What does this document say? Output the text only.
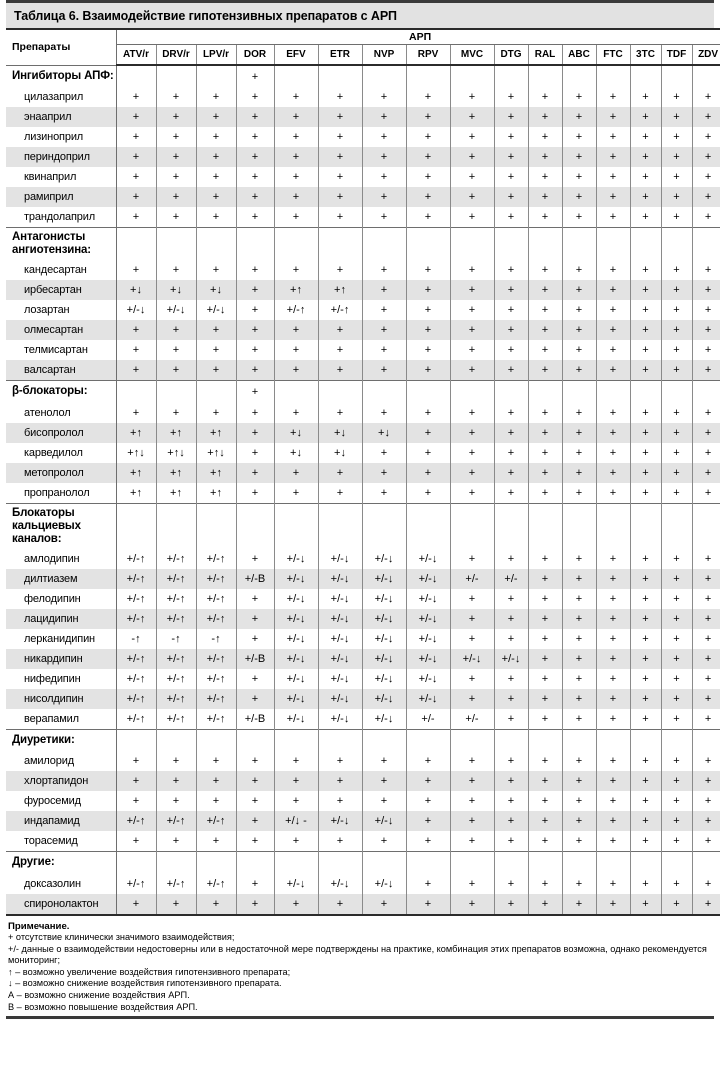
Таблица 6. Взаимодействие гипотензивных препаратов с АРП
Препараты	АРП															
	ATV/r	DRV/r	LPV/r	DOR	EFV	ETR	NVP	RPV	MVC	DTG	RAL	ABC	FTC	3TC	TDF	ZDV
Ингибиторы АПФ:				+												
цилазаприл	+	+	+	+	+	+	+	+	+	+	+	+	+	+	+	+
энааприл	+	+	+	+	+	+	+	+	+	+	+	+	+	+	+	+
лизиноприл	+	+	+	+	+	+	+	+	+	+	+	+	+	+	+	+
периндоприл	+	+	+	+	+	+	+	+	+	+	+	+	+	+	+	+
квинаприл	+	+	+	+	+	+	+	+	+	+	+	+	+	+	+	+
рамиприл	+	+	+	+	+	+	+	+	+	+	+	+	+	+	+	+
трандолаприл	+	+	+	+	+	+	+	+	+	+	+	+	+	+	+	+
Антагонисты ангиотензина:																
кандесартан	+	+	+	+	+	+	+	+	+	+	+	+	+	+	+	+
ирбесартан	+↓	+↓	+↓	+	+↑	+↑	+	+	+	+	+	+	+	+	+	+
лозартан	+/-↓	+/-↓	+/-↓	+	+/-↑	+/-↑	+	+	+	+	+	+	+	+	+	+
олмесартан	+	+	+	+	+	+	+	+	+	+	+	+	+	+	+	+
телмисартан	+	+	+	+	+	+	+	+	+	+	+	+	+	+	+	+
валсартан	+	+	+	+	+	+	+	+	+	+	+	+	+	+	+	+
β-блокаторы:				+												
атенолол	+	+	+	+	+	+	+	+	+	+	+	+	+	+	+	+
бисопролол	+↑	+↑	+↑	+	+↓	+↓	+↓	+	+	+	+	+	+	+	+	+
карведилол	+↑↓	+↑↓	+↑↓	+	+↓	+↓	+	+	+	+	+	+	+	+	+	+
метопролол	+↑	+↑	+↑	+	+	+	+	+	+	+	+	+	+	+	+	+
пропранолол	+↑	+↑	+↑	+	+	+	+	+	+	+	+	+	+	+	+	+
Блокаторы кальциевых каналов:																
амлодипин	+/-↑	+/-↑	+/-↑	+	+/-↓	+/-↓	+/-↓	+/-↓	+	+	+	+	+	+	+	+
дилтиазем	+/-↑	+/-↑	+/-↑	+/-В	+/-↓	+/-↓	+/-↓	+/-↓	+/-	+/-	+	+	+	+	+	+
фелодипин	+/-↑	+/-↑	+/-↑	+	+/-↓	+/-↓	+/-↓	+/-↓	+	+	+	+	+	+	+	+
лацидипин	+/-↑	+/-↑	+/-↑	+	+/-↓	+/-↓	+/-↓	+/-↓	+	+	+	+	+	+	+	+
лерканидипин	-↑	-↑	-↑	+	+/-↓	+/-↓	+/-↓	+/-↓	+	+	+	+	+	+	+	+
никардипин	+/-↑	+/-↑	+/-↑	+/-В	+/-↓	+/-↓	+/-↓	+/-↓	+/-↓	+/-↓	+	+	+	+	+	+
нифедипин	+/-↑	+/-↑	+/-↑	+	+/-↓	+/-↓	+/-↓	+/-↓	+	+	+	+	+	+	+	+
нисолдипин	+/-↑	+/-↑	+/-↑	+	+/-↓	+/-↓	+/-↓	+/-↓	+	+	+	+	+	+	+	+
верапамил	+/-↑	+/-↑	+/-↑	+/-В	+/-↓	+/-↓	+/-↓	+/-	+/-	+	+	+	+	+	+	+
Диуретики:																
амилорид	+	+	+	+	+	+	+	+	+	+	+	+	+	+	+	+
хлортапидон	+	+	+	+	+	+	+	+	+	+	+	+	+	+	+	+
фуросемид	+	+	+	+	+	+	+	+	+	+	+	+	+	+	+	+
индапамид	+/-↑	+/-↑	+/-↑	+	+/↓ -	+/-↓	+/-↓	+	+	+	+	+	+	+	+	+
торасемид	+	+	+	+	+	+	+	+	+	+	+	+	+	+	+	+
Другие:																
доксазолин	+/-↑	+/-↑	+/-↑	+	+/-↓	+/-↓	+/-↓	+	+	+	+	+	+	+	+	+
спиронолактон	+	+	+	+	+	+	+	+	+	+	+	+	+	+	+	+

Примечание.

+ отсутствие клинически значимого взаимодействия;

+/- данные о взаимодействии недостоверны или в недостаточной мере подтверждены на практике, комбинация этих препаратов возможна, однако рекомендуется мониторинг;

↑ – возможно увеличение воздействия гипотензивного препарата;

↓ – возможно снижение воздействия гипотензивного препарата.

А – возможно снижение воздействия АРП.

В – возможно повышение воздействия АРП.
